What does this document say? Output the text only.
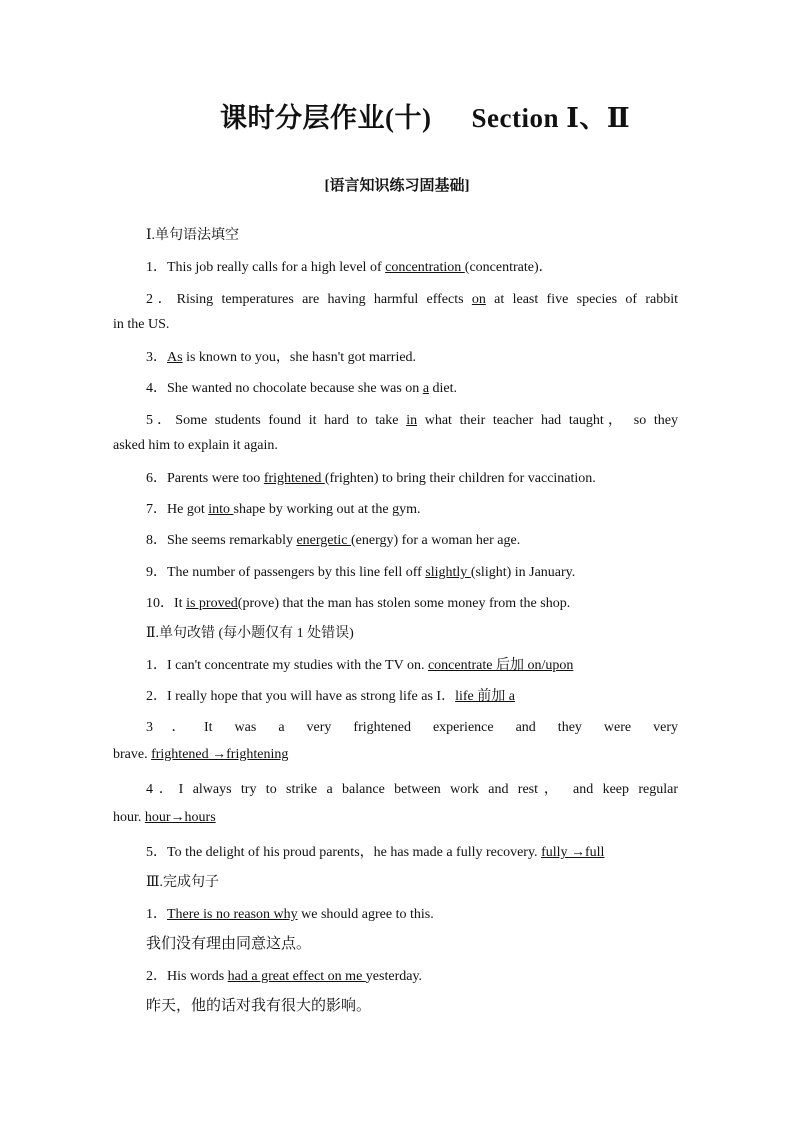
课时分层作业(十) Section Ⅰ、Ⅱ
[语言知识练习固基础]
Ⅰ.单句语法填空
1．This job really calls for a high level of concentration (concentrate)．
2．Rising temperatures are having harmful effects on at least five species of rabbit
in the US.
3．As is known to you，she hasn't got married.
4．She wanted no chocolate because she was on a diet.
5．Some students found it hard to take in what their teacher had taught， so they
asked him to explain it again.
6．Parents were too frightened (frighten) to bring their children for vaccination.
7．He got into shape by working out at the gym.
8．She seems remarkably energetic (energy) for a woman her age.
9．The number of passengers by this line fell off slightly (slight) in January.
10．It is proved(prove) that the man has stolen some money from the shop.
Ⅱ.单句改错 (每小题仅有 1 处错误)
1．I can't concentrate my studies with the TV on. concentrate 后加 on/upon
2．I really hope that you will have as strong life as I．life 前加 a
3．It was a very frightened experience and they were very
brave. frightened →frightening
4．I always try to strike a balance between work and rest， and keep regular
hour. hour→hours
5．To the delight of his proud parents，he has made a fully recovery. fully →full
Ⅲ.完成句子
1．There is no reason why we should agree to this.
我们没有理由同意这点。
2．His words had a great effect on me yesterday.
昨天，他的话对我有很大的影响。
